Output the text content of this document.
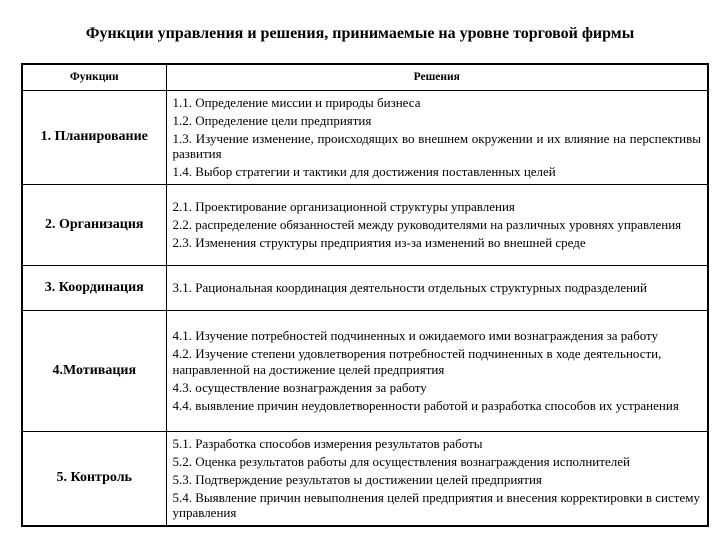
Функции управления и решения, принимаемые на уровне торговой фирмы
Функции	Решения
1. Планирование	1.1. Определение миссии и природы бизнеса

1.2. Определение цели предприятия

1.3. Изучение изменение, происходящих во внешнем окружении и их влияние на перспективы развития

1.4. Выбор стратегии и тактики для достижения поставленных целей

2. Организация	2.1. Проектирование организационной структуры управления

2.2. распределение обязанностей между руководителями на различных уровнях управления

2.3. Изменения структуры предприятия из-за изменений во внешней среде

3. Координация	3.1. Рациональная координация деятельности отдельных структурных подразделений

4.Мотивация	4.1. Изучение потребностей подчиненных и ожидаемого ими вознаграждения за работу

4.2. Изучение степени удовлетворения потребностей подчиненных в ходе деятельности, направленной на достижение целей предприятия

4.3. осуществление вознаграждения за работу

4.4. выявление причин неудовлетворенности работой и разработка способов их устранения

5. Контроль	5.1. Разработка способов измерения результатов работы

5.2. Оценка результатов работы для осуществления вознаграждения исполнителей

5.3. Подтверждение результатов ы достижении целей предприятия

5.4. Выявление причин невыполнения целей предприятия и внесения корректировки в систему управления
